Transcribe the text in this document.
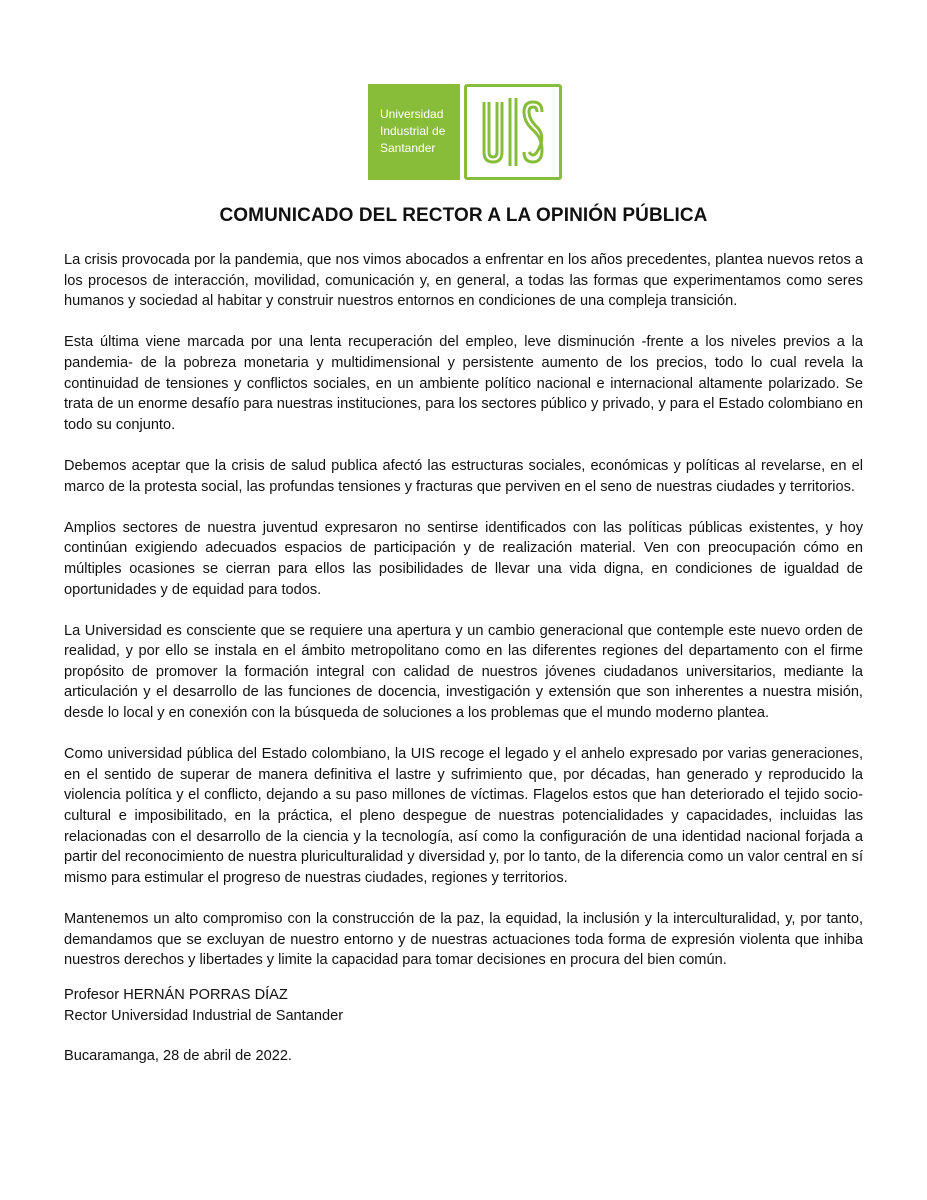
Universidad
Industrial de
Santander
COMUNICADO DEL RECTOR A LA OPINIÓN PÚBLICA

La crisis provocada por la pandemia, que nos vimos abocados a enfrentar en los años precedentes, plantea nuevos retos a los procesos de interacción, movilidad, comunicación y, en general, a todas las formas que experimentamos como seres humanos y sociedad al habitar y construir nuestros entornos en condiciones de una compleja transición.

Esta última viene marcada por una lenta recuperación del empleo, leve disminución -frente a los niveles previos a la pandemia- de la pobreza monetaria y multidimensional y persistente aumento de los precios, todo lo cual revela la continuidad de tensiones y conflictos sociales, en un ambiente político nacional e internacional altamente polarizado. Se trata de un enorme desafío para nuestras instituciones, para los sectores público y privado, y para el Estado colombiano en todo su conjunto.

Debemos aceptar que la crisis de salud publica afectó las estructuras sociales, económicas y políticas al revelarse, en el marco de la protesta social, las profundas tensiones y fracturas que perviven en el seno de nuestras ciudades y territorios.

Amplios sectores de nuestra juventud expresaron no sentirse identificados con las políticas públicas existentes, y hoy continúan exigiendo adecuados espacios de participación y de realización material. Ven con preocupación cómo en múltiples ocasiones se cierran para ellos las posibilidades de llevar una vida digna, en condiciones de igualdad de oportunidades y de equidad para todos.

La Universidad es consciente que se requiere una apertura y un cambio generacional que contemple este nuevo orden de realidad, y por ello se instala en el ámbito metropolitano como en las diferentes regiones del departamento con el firme propósito de promover la formación integral con calidad de nuestros jóvenes ciudadanos universitarios, mediante la articulación y el desarrollo de las funciones de docencia, investigación y extensión que son inherentes a nuestra misión, desde lo local y en conexión con la búsqueda de soluciones a los problemas que el mundo moderno plantea.

Como universidad pública del Estado colombiano, la UIS recoge el legado y el anhelo expresado por varias generaciones, en el sentido de superar de manera definitiva el lastre y sufrimiento que, por décadas, han generado y reproducido la violencia política y el conflicto, dejando a su paso millones de víctimas. Flagelos estos que han deteriorado el tejido socio-cultural e imposibilitado, en la práctica, el pleno despegue de nuestras potencialidades y capacidades, incluidas las relacionadas con el desarrollo de la ciencia y la tecnología, así como la configuración de una identidad nacional forjada a partir del reconocimiento de nuestra pluriculturalidad y diversidad y, por lo tanto, de la diferencia como un valor central en sí mismo para estimular el progreso de nuestras ciudades, regiones y territorios.

Mantenemos un alto compromiso con la construcción de la paz, la equidad, la inclusión y la interculturalidad, y, por tanto, demandamos que se excluyan de nuestro entorno y de nuestras actuaciones toda forma de expresión violenta que inhiba nuestros derechos y libertades y limite la capacidad para tomar decisiones en procura del bien común.

Profesor HERNÁN PORRAS DÍAZ
Rector Universidad Industrial de Santander
Bucaramanga, 28 de abril de 2022.
